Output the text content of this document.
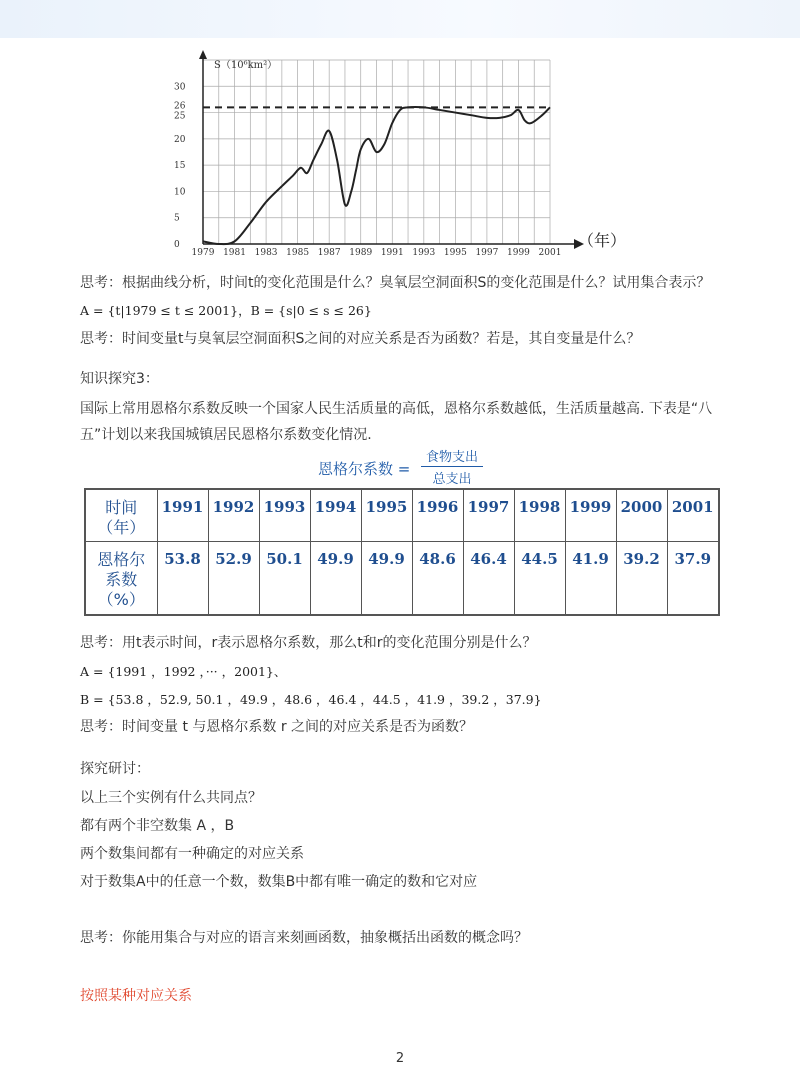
0
5
10
15
20
25
26
30
1979 1981 1983 1985 1987 1989 1991 1993 1995 1997 1999 2001
S（10⁶km²）
（年）
思考：根据曲线分析，时间t的变化范围是什么？臭氧层空洞面积S的变化范围是什么？试用集合表示？
A = {t|1979 ≤ t ≤ 2001}，B = {s|0 ≤ s ≤ 26}
思考：时间变量t与臭氧层空洞面积S之间的对应关系是否为函数？若是，其自变量是什么？
知识探究3：
国际上常用恩格尔系数反映一个国家人民生活质量的高低，恩格尔系数越低，生活质量越高. 下表是“八
五”计划以来我国城镇居民恩格尔系数变化情况.
恩格尔系数 =
食物支出
总支出
时间
（年）	1991	1992	1993	1994	1995	1996	1997	1998	1999	2000	2001

恩格尔
系数
（%）	53.8	52.9	50.1	49.9	49.9	48.6	46.4	44.5	41.9	39.2	37.9
思考：用t表示时间，r表示恩格尔系数，那么t和r的变化范围分别是什么？
A = {1991 ，1992 ，··· ，2001}、
B = {53.8 ，52.9, 50.1 ，49.9 ，48.6 ，46.4 ，44.5 ，41.9 ，39.2 ，37.9}
思考：时间变量 t 与恩格尔系数 r 之间的对应关系是否为函数？
探究研讨：
以上三个实例有什么共同点？
都有两个非空数集 A ，B
两个数集间都有一种确定的对应关系
对于数集A中的任意一个数，数集B中都有唯一确定的数和它对应
思考：你能用集合与对应的语言来刻画函数，抽象概括出函数的概念吗？
按照某种对应关系
2
